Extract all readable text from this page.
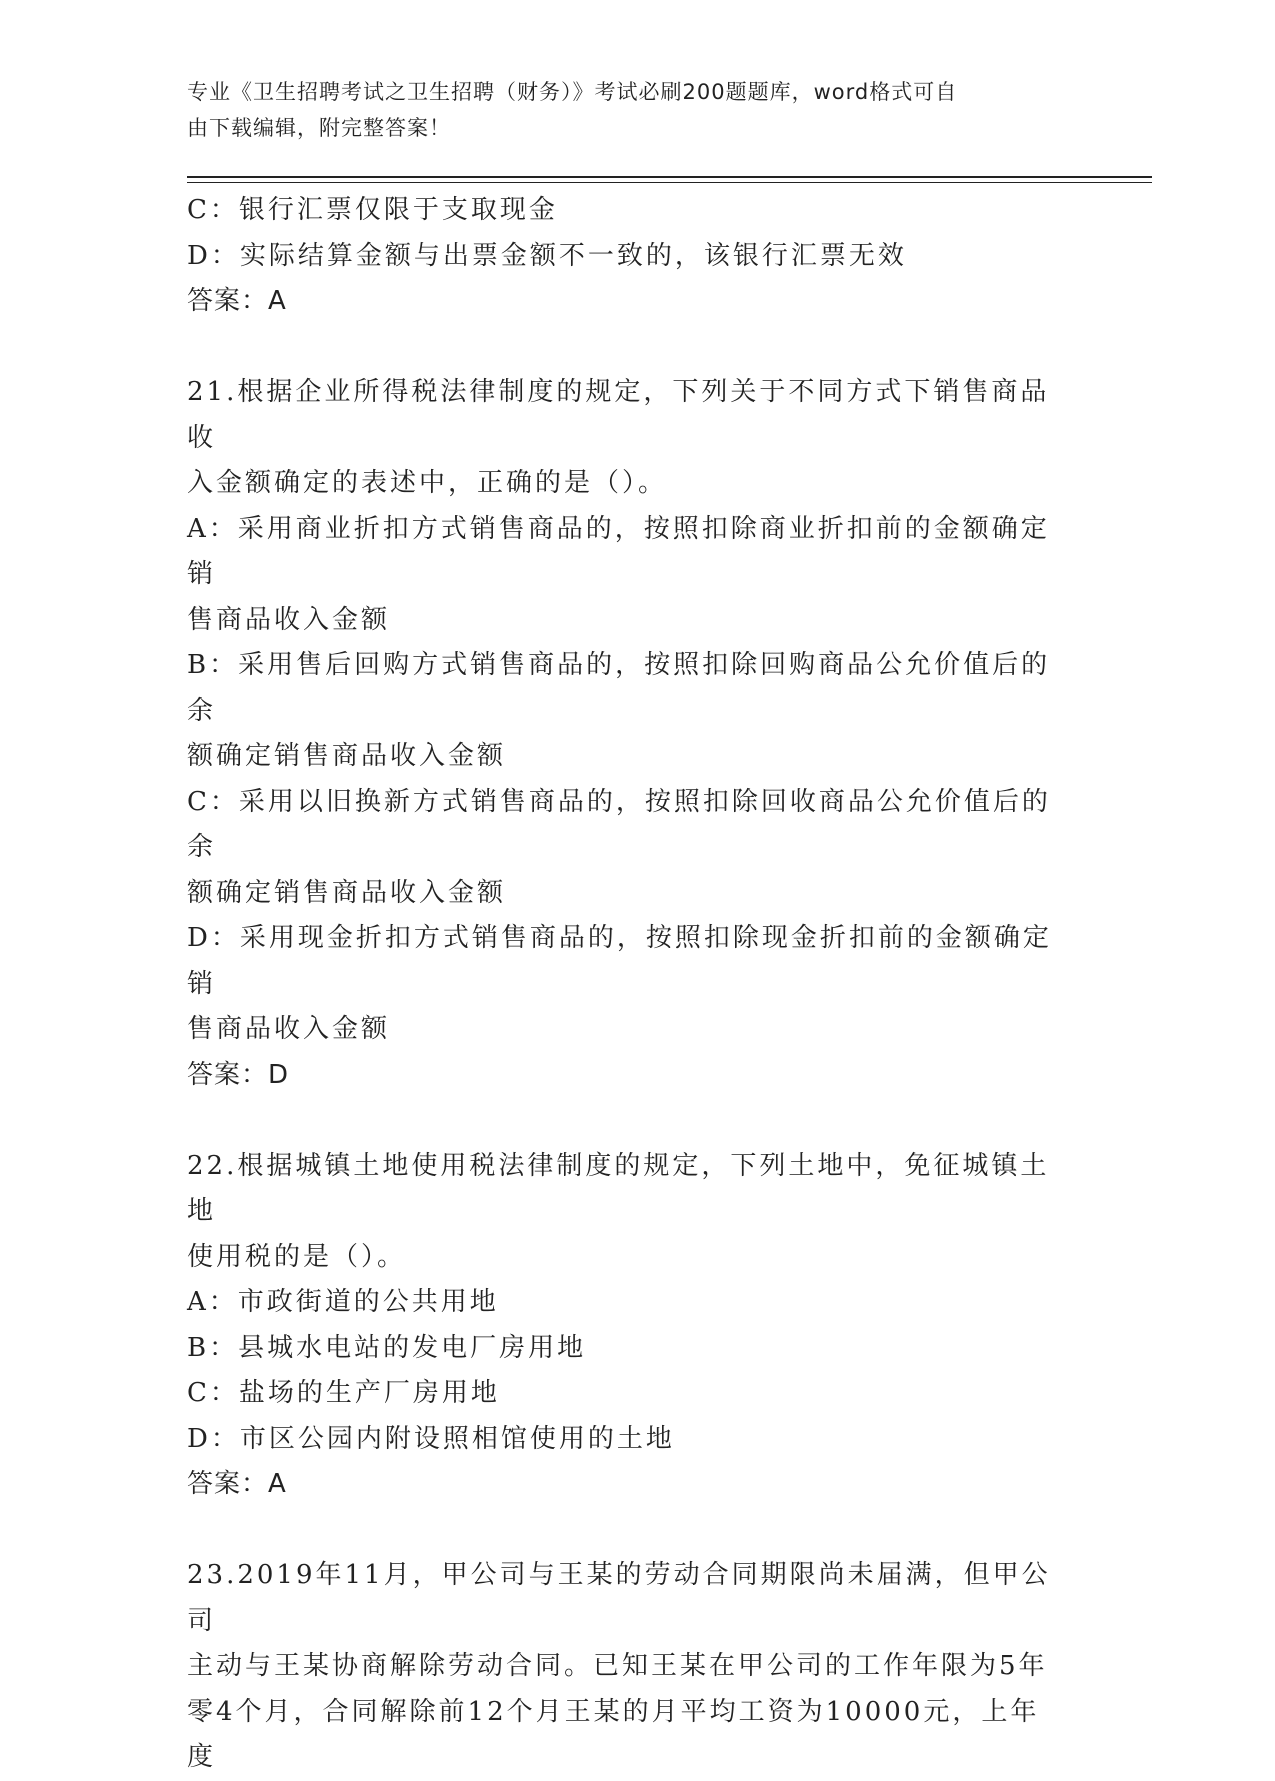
专业《卫生招聘考试之卫生招聘（财务）》考试必刷200题题库，word格式可自
由下载编辑，附完整答案！
C：银行汇票仅限于支取现金
D：实际结算金额与出票金额不一致的，该银行汇票无效
答案：A
21.根据企业所得税法律制度的规定，下列关于不同方式下销售商品收
入金额确定的表述中，正确的是（）。
A：采用商业折扣方式销售商品的，按照扣除商业折扣前的金额确定销
售商品收入金额
B：采用售后回购方式销售商品的，按照扣除回购商品公允价值后的余
额确定销售商品收入金额
C：采用以旧换新方式销售商品的，按照扣除回收商品公允价值后的余
额确定销售商品收入金额
D：采用现金折扣方式销售商品的，按照扣除现金折扣前的金额确定销
售商品收入金额
答案：D
22.根据城镇土地使用税法律制度的规定，下列土地中，免征城镇土地
使用税的是（）。
A：市政街道的公共用地
B：县城水电站的发电厂房用地
C：盐场的生产厂房用地
D：市区公园内附设照相馆使用的土地
答案：A
23.2019年11月，甲公司与王某的劳动合同期限尚未届满，但甲公司
主动与王某协商解除劳动合同。已知王某在甲公司的工作年限为5年
零4个月，合同解除前12个月王某的月平均工资为10000元，上年度
